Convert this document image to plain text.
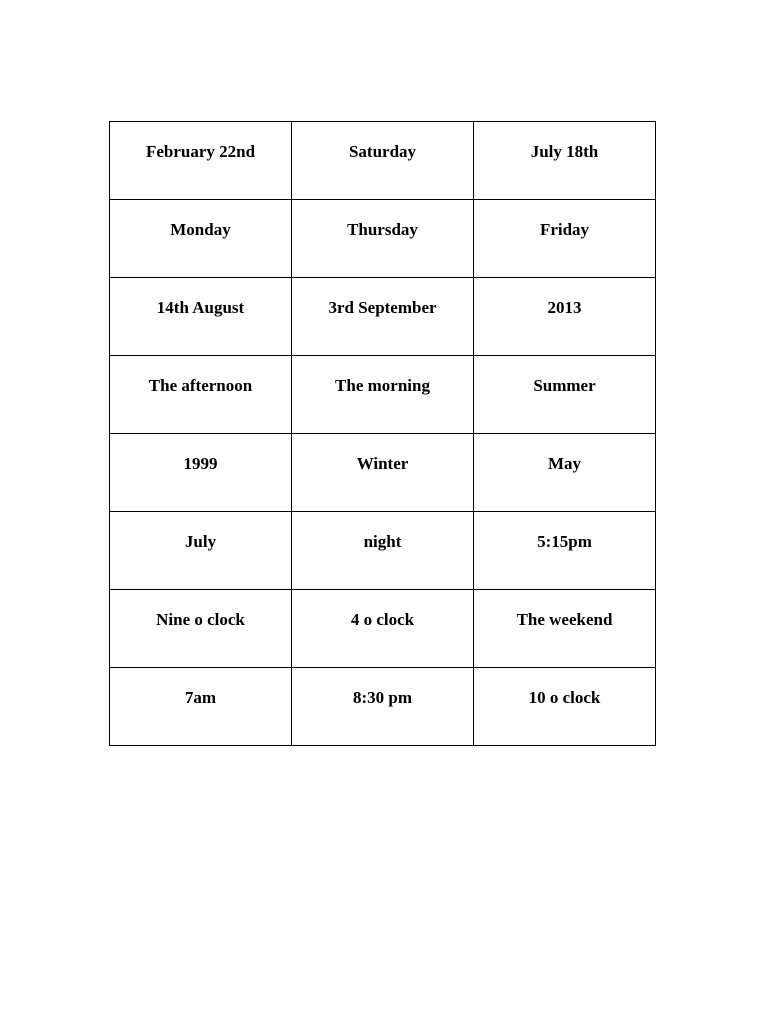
February 22nd	Saturday	July 18th

Monday	Thursday	Friday

14th August	3rd September	2013

The afternoon	The morning	Summer

1999	Winter	May

July	night	5:15pm

Nine o clock	4 o clock	The weekend

7am	8:30 pm	10 o clock
